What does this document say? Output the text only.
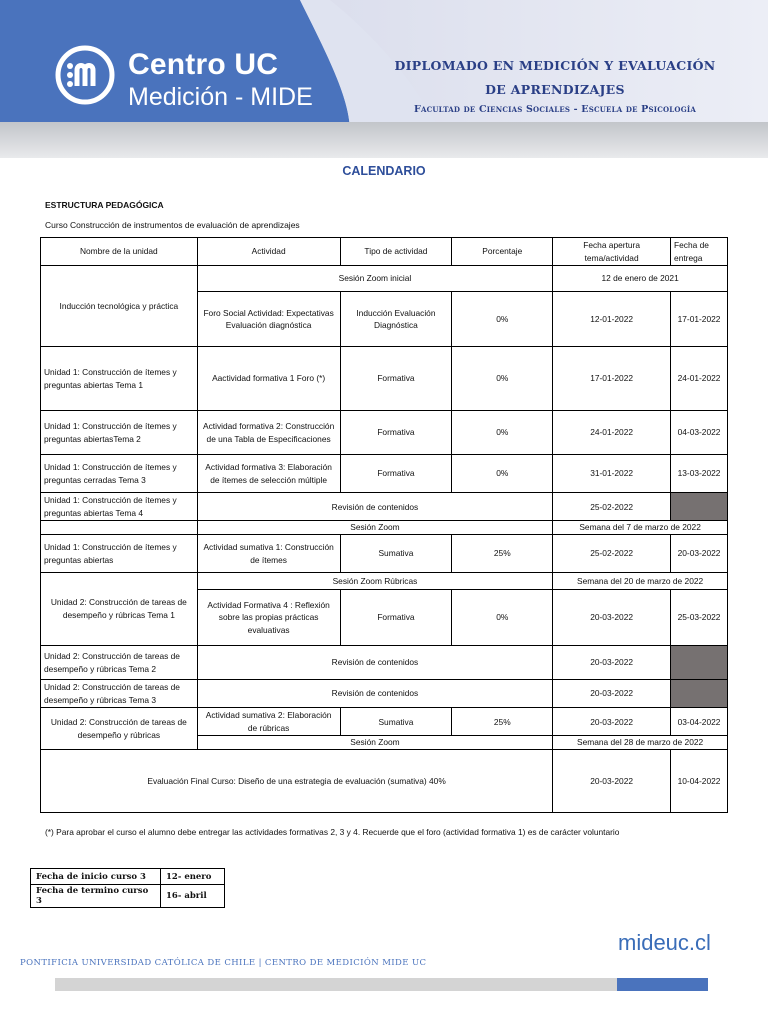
Centro UC
Medición - MIDE
DIPLOMADO EN MEDICIÓN Y EVALUACIÓN
DE APRENDIZAJES
Facultad de Ciencias Sociales - Escuela de Psicología
CALENDARIO
ESTRUCTURA PEDAGÓGICA
Curso Construcción de instrumentos de evaluación de aprendizajes
Nombre de la unidad	Actividad	Tipo de actividad	Porcentaje	Fecha apertura tema/actividad	Fecha de entrega
Inducción tecnológica y práctica	Sesión Zoom inicial			12 de enero de 2021	
	Foro Social Actividad: Expectativas Evaluación diagnóstica	Inducción Evaluación Diagnóstica	0%	12-01-2022	17-01-2022
Unidad 1: Construcción de ítemes y preguntas abiertas Tema 1	Aactividad formativa 1 Foro (*)	Formativa	0%	17-01-2022	24-01-2022
Unidad 1: Construcción de ítemes y preguntas abiertasTema 2	Actividad formativa 2: Construcción de una Tabla de Especificaciones	Formativa	0%	24-01-2022	04-03-2022
Unidad 1: Construcción de ítemes y preguntas cerradas Tema 3	Actividad formativa 3: Elaboración de ítemes de selección múltiple	Formativa	0%	31-01-2022	13-03-2022
Unidad 1: Construcción de ítemes y preguntas abiertas Tema 4	Revisión de contenidos			25-02-2022	
	Sesión Zoom			Semana del 7 de marzo de 2022	
Unidad 1: Construcción de ítemes y preguntas abiertas	Actividad sumativa 1: Construcción de ítemes	Sumativa	25%	25-02-2022	20-03-2022
Unidad 2: Construcción de tareas de desempeño y rúbricas Tema 1	Sesión Zoom Rúbricas			Semana del 20 de marzo de 2022	
	Actividad Formativa 4 : Reflexión sobre las propias prácticas evaluativas	Formativa	0%	20-03-2022	25-03-2022
Unidad 2: Construcción de tareas de desempeño y rúbricas Tema 2	Revisión de contenidos			20-03-2022	
Unidad 2: Construcción de tareas de desempeño y rúbricas Tema 3	Revisión de contenidos			20-03-2022	
Unidad 2: Construcción de tareas de desempeño y rúbricas	Actividad sumativa 2: Elaboración de rúbricas	Sumativa	25%	20-03-2022	03-04-2022
	Sesión Zoom			Semana del 28 de marzo de 2022	
Evaluación Final Curso: Diseño de una estrategia de evaluación (sumativa) 40%				20-03-2022	10-04-2022
(*) Para aprobar el curso el alumno debe entregar las actividades formativas 2, 3 y 4. Recuerde que el foro (actividad formativa 1) es de carácter voluntario
Fecha de inicio curso 3	12- enero
Fecha de termino curso 3	16- abril
mideuc.cl
PONTIFICIA UNIVERSIDAD CATÓLICA DE CHILE | CENTRO DE MEDICIÓN MIDE UC
